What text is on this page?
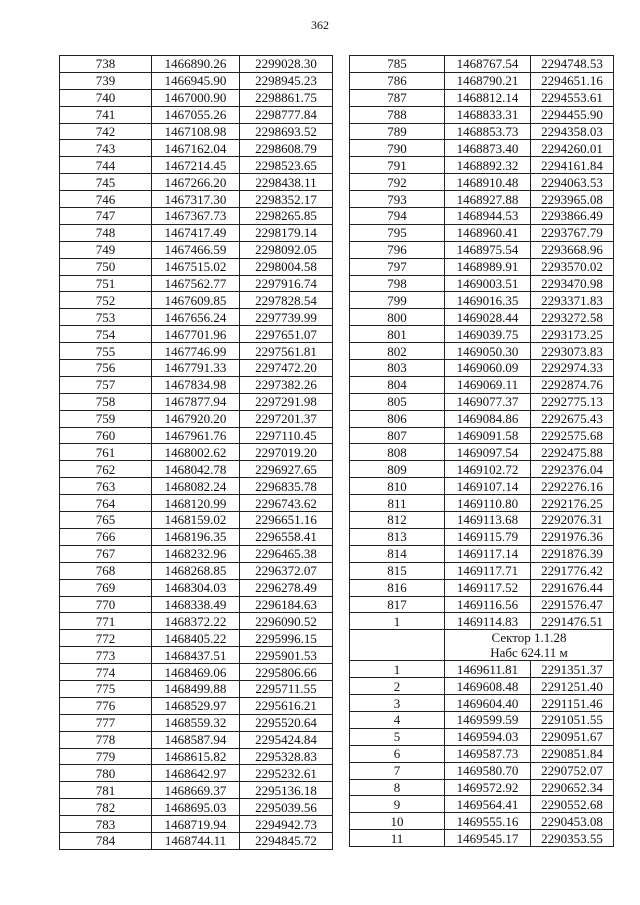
362
738	1466890.26	2299028.30
739	1466945.90	2298945.23
740	1467000.90	2298861.75
741	1467055.26	2298777.84
742	1467108.98	2298693.52
743	1467162.04	2298608.79
744	1467214.45	2298523.65
745	1467266.20	2298438.11
746	1467317.30	2298352.17
747	1467367.73	2298265.85
748	1467417.49	2298179.14
749	1467466.59	2298092.05
750	1467515.02	2298004.58
751	1467562.77	2297916.74
752	1467609.85	2297828.54
753	1467656.24	2297739.99
754	1467701.96	2297651.07
755	1467746.99	2297561.81
756	1467791.33	2297472.20
757	1467834.98	2297382.26
758	1467877.94	2297291.98
759	1467920.20	2297201.37
760	1467961.76	2297110.45
761	1468002.62	2297019.20
762	1468042.78	2296927.65
763	1468082.24	2296835.78
764	1468120.99	2296743.62
765	1468159.02	2296651.16
766	1468196.35	2296558.41
767	1468232.96	2296465.38
768	1468268.85	2296372.07
769	1468304.03	2296278.49
770	1468338.49	2296184.63
771	1468372.22	2296090.52
772	1468405.22	2295996.15
773	1468437.51	2295901.53
774	1468469.06	2295806.66
775	1468499.88	2295711.55
776	1468529.97	2295616.21
777	1468559.32	2295520.64
778	1468587.94	2295424.84
779	1468615.82	2295328.83
780	1468642.97	2295232.61
781	1468669.37	2295136.18
782	1468695.03	2295039.56
783	1468719.94	2294942.73
784	1468744.11	2294845.72
785	1468767.54	2294748.53
786	1468790.21	2294651.16
787	1468812.14	2294553.61
788	1468833.31	2294455.90
789	1468853.73	2294358.03
790	1468873.40	2294260.01
791	1468892.32	2294161.84
792	1468910.48	2294063.53
793	1468927.88	2293965.08
794	1468944.53	2293866.49
795	1468960.41	2293767.79
796	1468975.54	2293668.96
797	1468989.91	2293570.02
798	1469003.51	2293470.98
799	1469016.35	2293371.83
800	1469028.44	2293272.58
801	1469039.75	2293173.25
802	1469050.30	2293073.83
803	1469060.09	2292974.33
804	1469069.11	2292874.76
805	1469077.37	2292775.13
806	1469084.86	2292675.43
807	1469091.58	2292575.68
808	1469097.54	2292475.88
809	1469102.72	2292376.04
810	1469107.14	2292276.16
811	1469110.80	2292176.25
812	1469113.68	2292076.31
813	1469115.79	2291976.36
814	1469117.14	2291876.39
815	1469117.71	2291776.42
816	1469117.52	2291676.44
817	1469116.56	2291576.47
1	1469114.83	2291476.51

	Сектор 1.1.28
Набс 624.11 м	

1	1469611.81	2291351.37
2	1469608.48	2291251.40
3	1469604.40	2291151.46
4	1469599.59	2291051.55
5	1469594.03	2290951.67
6	1469587.73	2290851.84
7	1469580.70	2290752.07
8	1469572.92	2290652.34
9	1469564.41	2290552.68
10	1469555.16	2290453.08
11	1469545.17	2290353.55
